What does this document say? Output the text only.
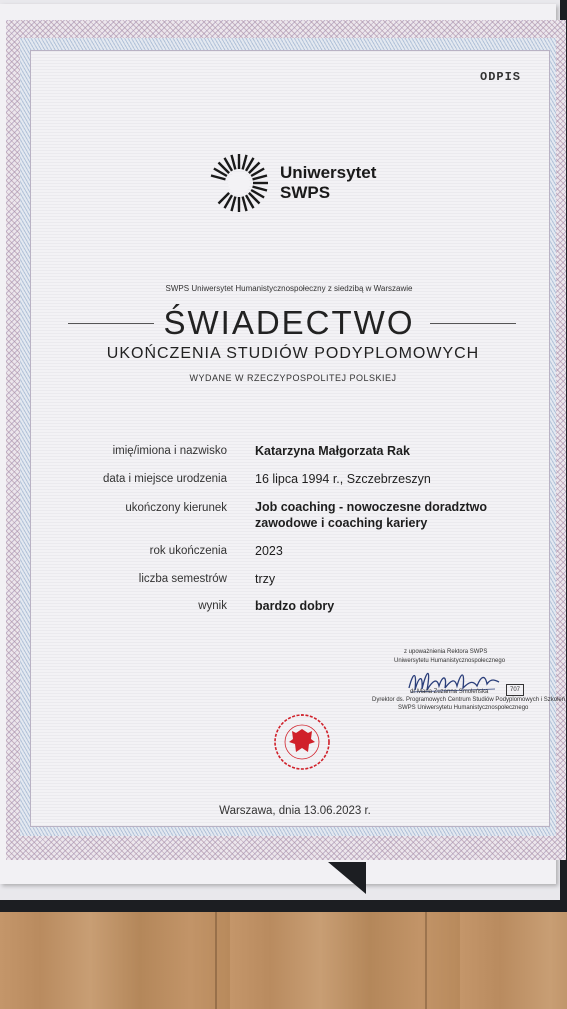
ODPIS
Uniwersytet
SWPS
SWPS Uniwersytet Humanistycznospołeczny z siedzibą w Warszawie
ŚWIADECTWO
UKOŃCZENIA STUDIÓW PODYPLOMOWYCH
WYDANE W RZECZYPOSPOLITEJ POLSKIEJ
imię/imiona i nazwisko Katarzyna Małgorzata Rak
data i miejsce urodzenia 16 lipca 1994 r., Szczebrzeszyn
ukończony kierunek Job coaching - nowoczesne doradztwo
zawodowe i coaching kariery
rok ukończenia 2023
liczba semestrów trzy
wynik bardzo dobry
z upoważnienia Rektora SWPS
Uniwersytetu Humanistycznospołecznego
dr Maria Zuzanna Smoleńska
Dyrektor ds. Programowych Centrum Studiów Podyplomowych i Szkoleń
SWPS Uniwersytetu Humanistycznospołecznego
707
Warszawa, dnia 13.06.2023 r.
